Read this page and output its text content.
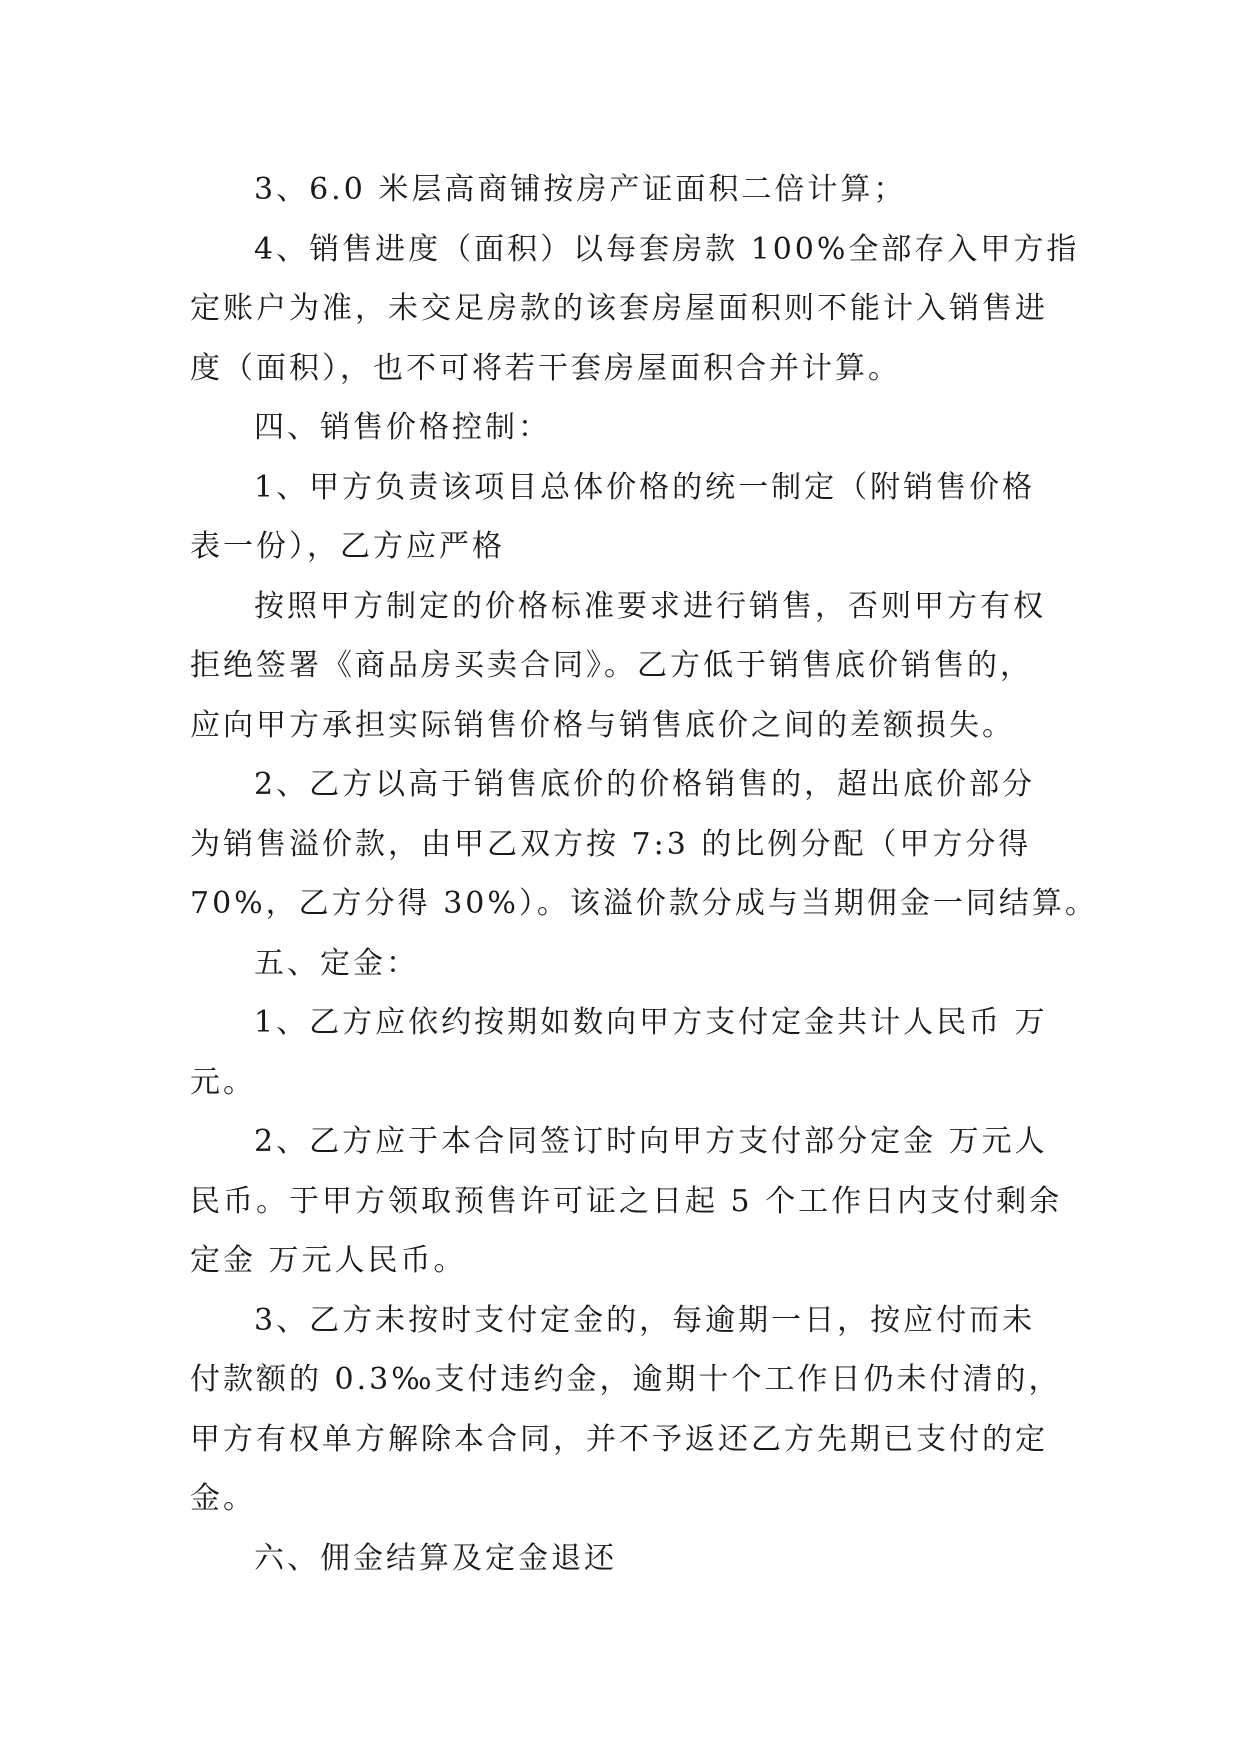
3、6.0 米层高商铺按房产证面积二倍计算；
4、销售进度（面积）以每套房款 100%全部存入甲方指
定账户为准，未交足房款的该套房屋面积则不能计入销售进
度（面积），也不可将若干套房屋面积合并计算。
四、销售价格控制：
1、甲方负责该项目总体价格的统一制定（附销售价格
表一份），乙方应严格
按照甲方制定的价格标准要求进行销售，否则甲方有权
拒绝签署《商品房买卖合同》。乙方低于销售底价销售的，
应向甲方承担实际销售价格与销售底价之间的差额损失。
2、乙方以高于销售底价的价格销售的，超出底价部分
为销售溢价款，由甲乙双方按 7:3 的比例分配（甲方分得
70%，乙方分得 30%）。该溢价款分成与当期佣金一同结算。
五、定金：
1、乙方应依约按期如数向甲方支付定金共计人民币 万
元。
2、乙方应于本合同签订时向甲方支付部分定金 万元人
民币。于甲方领取预售许可证之日起 5 个工作日内支付剩余
定金 万元人民币。
3、乙方未按时支付定金的，每逾期一日，按应付而未
付款额的 0.3‰支付违约金，逾期十个工作日仍未付清的，
甲方有权单方解除本合同，并不予返还乙方先期已支付的定
金。
六、佣金结算及定金退还
